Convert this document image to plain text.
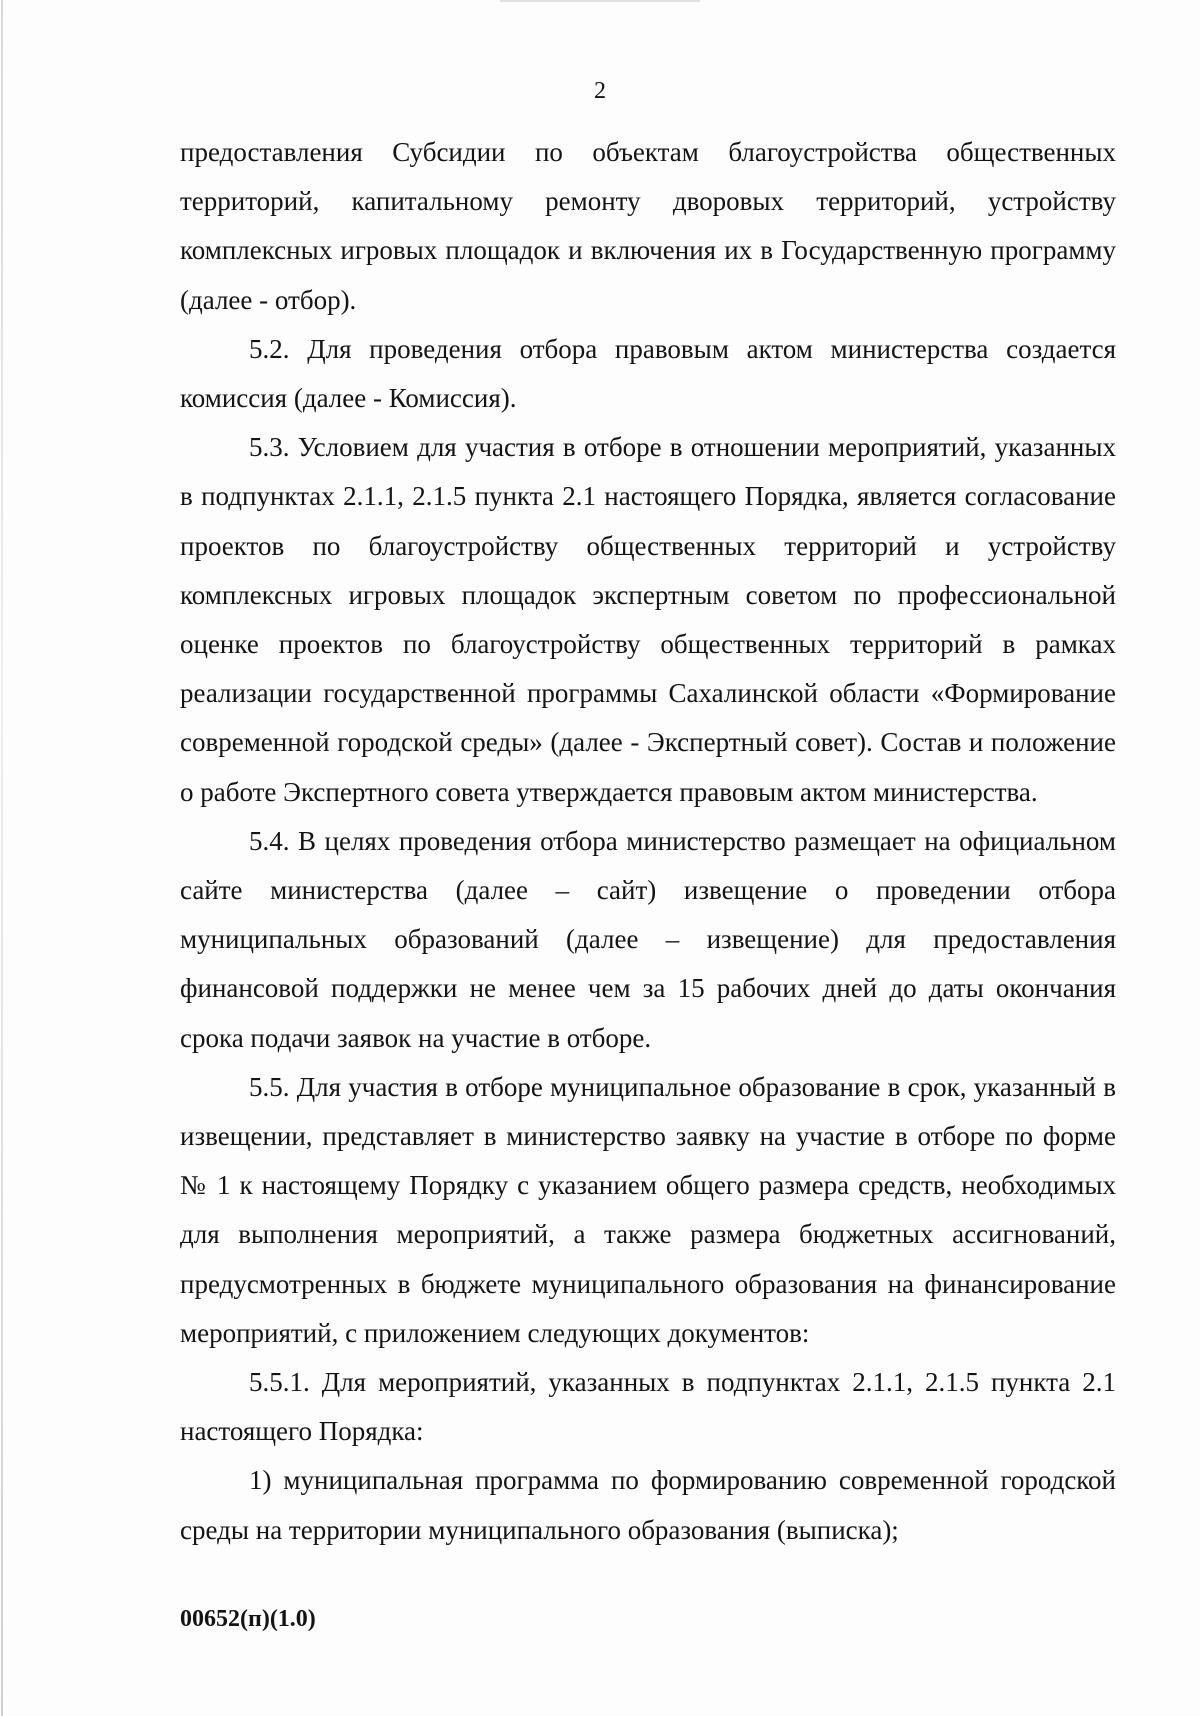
2

предоставления Субсидии по объектам благоустройства общественных территорий, капитальному ремонту дворовых территорий, устройству комплексных игровых площадок и включения их в Государственную программу (далее - отбор).

5.2. Для проведения отбора правовым актом министерства создается комиссия (далее - Комиссия).

5.3. Условием для участия в отборе в отношении мероприятий, указанных в подпунктах 2.1.1, 2.1.5 пункта 2.1 настоящего Порядка, является согласование проектов по благоустройству общественных территорий и устройству комплексных игровых площадок экспертным советом по профессиональной оценке проектов по благоустройству общественных территорий в рамках реализации государственной программы Сахалинской области «Формирование современной городской среды» (далее - Экспертный совет). Состав и положение о работе Экспертного совета утверждается правовым актом министерства.

5.4. В целях проведения отбора министерство размещает на официальном сайте министерства (далее – сайт) извещение о проведении отбора муниципальных образований (далее – извещение) для предоставления финансовой поддержки не менее чем за 15 рабочих дней до даты окончания срока подачи заявок на участие в отборе.

5.5. Для участия в отборе муниципальное образование в срок, указанный в извещении, представляет в министерство заявку на участие в отборе по форме № 1 к настоящему Порядку с указанием общего размера средств, необходимых для выполнения мероприятий, а также размера бюджетных ассигнований, предусмотренных в бюджете муниципального образования на финансирование мероприятий, с приложением следующих документов:

5.5.1. Для мероприятий, указанных в подпунктах 2.1.1, 2.1.5 пункта 2.1 настоящего Порядка:

1) муниципальная программа по формированию современной городской среды на территории муниципального образования (выписка);

00652(п)(1.0)
